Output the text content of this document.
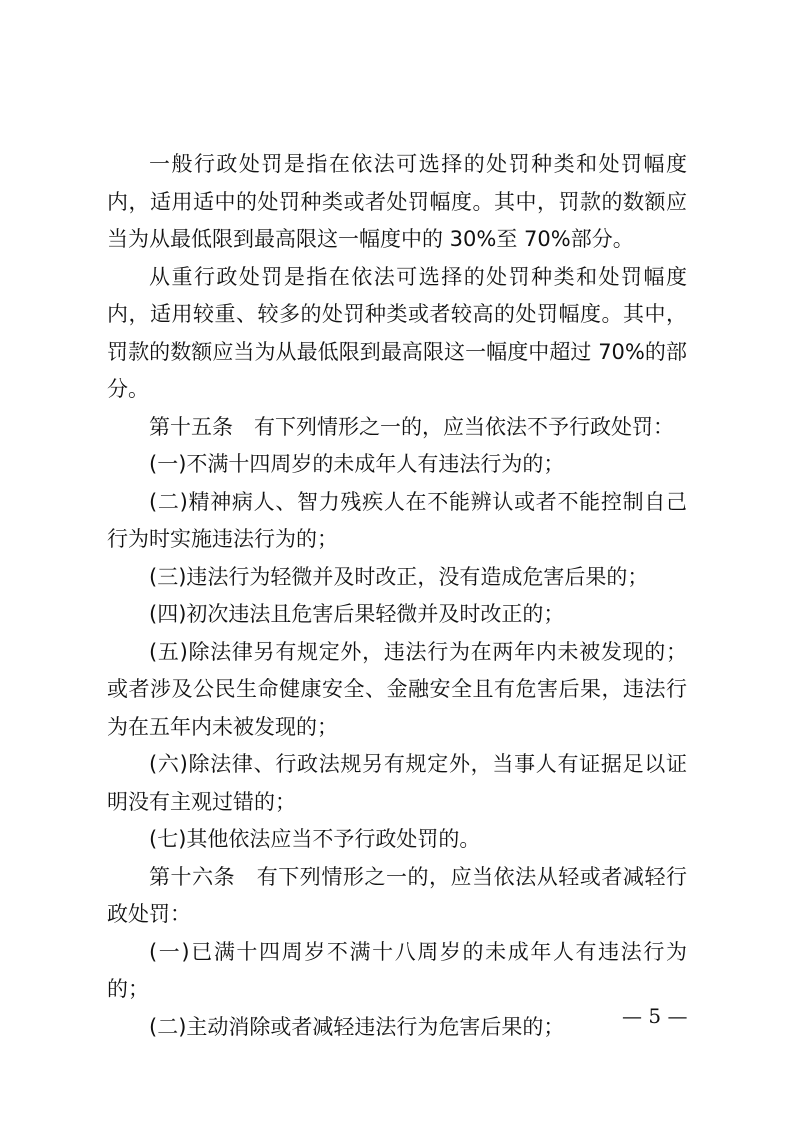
一般行政处罚是指在依法可选择的处罚种类和处罚幅度内，适用适中的处罚种类或者处罚幅度。其中，罚款的数额应当为从最低限到最高限这一幅度中的 30%至 70%部分。

从重行政处罚是指在依法可选择的处罚种类和处罚幅度内，适用较重、较多的处罚种类或者较高的处罚幅度。其中，罚款的数额应当为从最低限到最高限这一幅度中超过 70%的部分。

第十五条　有下列情形之一的，应当依法不予行政处罚：

(一)不满十四周岁的未成年人有违法行为的；

(二)精神病人、智力残疾人在不能辨认或者不能控制自己行为时实施违法行为的；

(三)违法行为轻微并及时改正，没有造成危害后果的；

(四)初次违法且危害后果轻微并及时改正的；

(五)除法律另有规定外，违法行为在两年内未被发现的；或者涉及公民生命健康安全、金融安全且有危害后果，违法行为在五年内未被发现的；

(六)除法律、行政法规另有规定外，当事人有证据足以证明没有主观过错的；

(七)其他依法应当不予行政处罚的。

第十六条　有下列情形之一的，应当依法从轻或者减轻行政处罚：

(一)已满十四周岁不满十八周岁的未成年人有违法行为的；

(二)主动消除或者减轻违法行为危害后果的；	— 5 —
